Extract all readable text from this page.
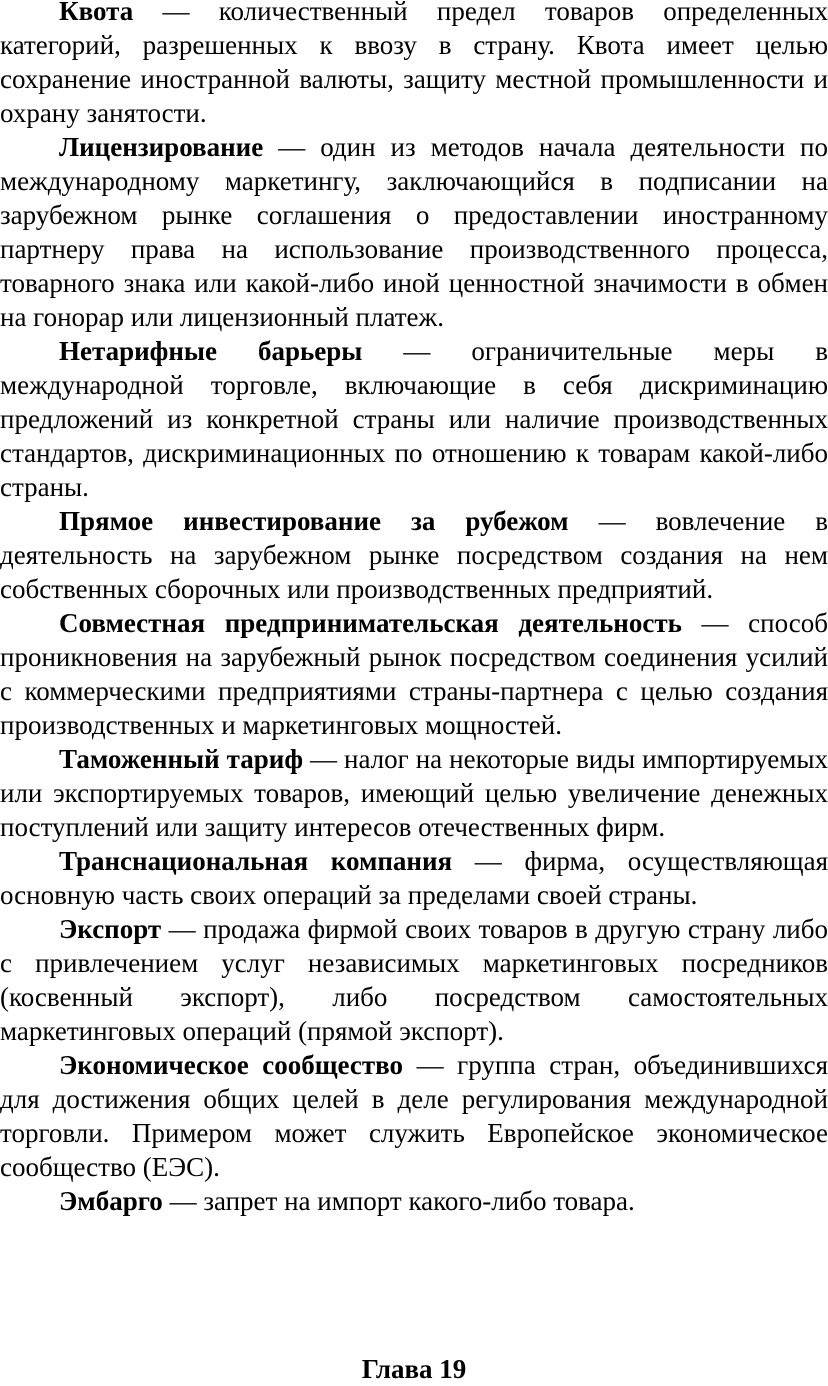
Квота — количественный предел товаров определенных категорий, разрешенных к ввозу в страну. Квота имеет целью сохранение иностранной валюты, защиту местной промышленности и охрану занятости.

Лицензирование — один из методов начала деятельности по международному маркетингу, заключающийся в подписании на зарубежном рынке соглашения о предоставлении иностранному партнеру права на использование производственного процесса, товарного знака или какой-либо иной ценностной значимости в обмен на гонорар или лицензионный платеж.

Нетарифные барьеры — ограничительные меры в международной торговле, включающие в себя дискриминацию предложений из конкретной страны или наличие производственных стандартов, дискриминационных по отношению к товарам какой-либо страны.

Прямое инвестирование за рубежом — вовлечение в деятельность на зарубежном рынке посредством создания на нем собственных сборочных или производственных предприятий.

Совместная предпринимательская деятельность — способ проникновения на зарубежный рынок посредством соединения усилий с коммерческими предприятиями страны-партнера с целью создания производственных и маркетинговых мощностей.

Таможенный тариф — налог на некоторые виды импортируемых или экспортируемых товаров, имеющий целью увеличение денежных поступлений или защиту интересов отечественных фирм.

Транснациональная компания — фирма, осуществляющая основную часть своих операций за пределами своей страны.

Экспорт — продажа фирмой своих товаров в другую страну либо с привлечением услуг независимых маркетинговых посредников (косвенный экспорт), либо посредством самостоятельных маркетинговых операций (прямой экспорт).

Экономическое сообщество — группа стран, объединившихся для достижения общих целей в деле регулирования международной торговли. Примером может служить Европейское экономическое сообщество (ЕЭС).

Эмбарго — запрет на импорт какого-либо товара.

Глава 19
